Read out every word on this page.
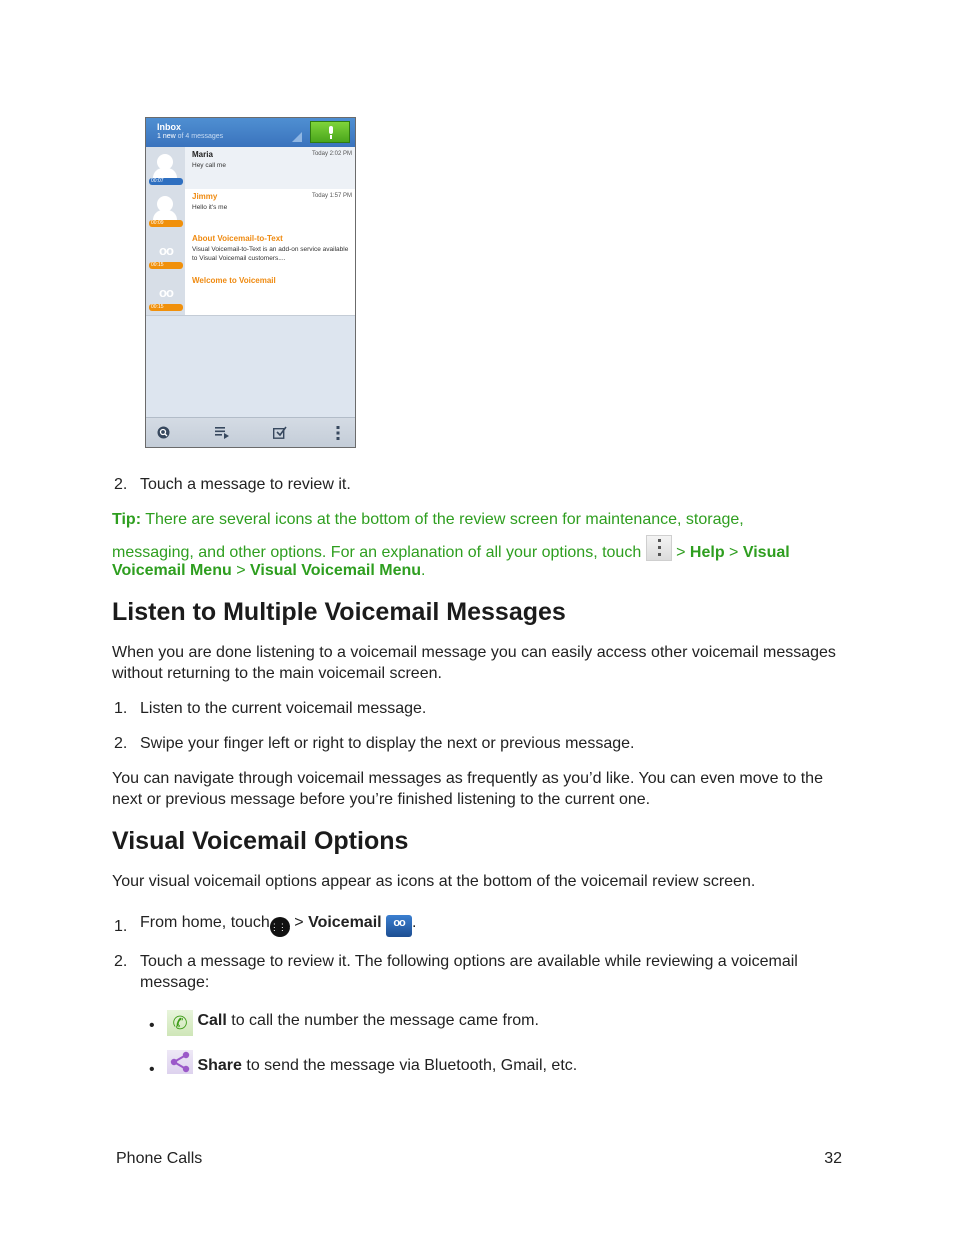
Inbox
1 new of 4 messages
00:07
Maria	Today 2:02 PM
Hey call me
00:09
Jimmy	Today 1:57 PM
Hello it's me
oo
00:15
About Voicemail-to-Text
Visual Voicemail-to-Text is an add-on service available to Visual Voicemail customers....
oo
00:15
Welcome to Voicemail
2. Touch a message to review it.
Tip: There are several icons at the bottom of the review screen for maintenance, storage,
messaging, and other options. For an explanation of all your options, touch > Help > Visual
Voicemail Menu > Visual Voicemail Menu.
Listen to Multiple Voicemail Messages
When you are done listening to a voicemail message you can easily access other voicemail messages without returning to the main voicemail screen.
1. Listen to the current voicemail message.
2. Swipe your finger left or right to display the next or previous message.
You can navigate through voicemail messages as frequently as you’d like. You can even move to the next or previous message before you’re finished listening to the current one.
Visual Voicemail Options
Your visual voicemail options appear as icons at the bottom of the voicemail review screen.
1. From home, touch⋮⋮⋮ > Voicemail oo .
2. Touch a message to review it. The following options are available while reviewing a voicemail message:
• ✆ Call to call the number the message came from.
•	Share to send the message via Bluetooth, Gmail, etc.
Phone Calls	32
